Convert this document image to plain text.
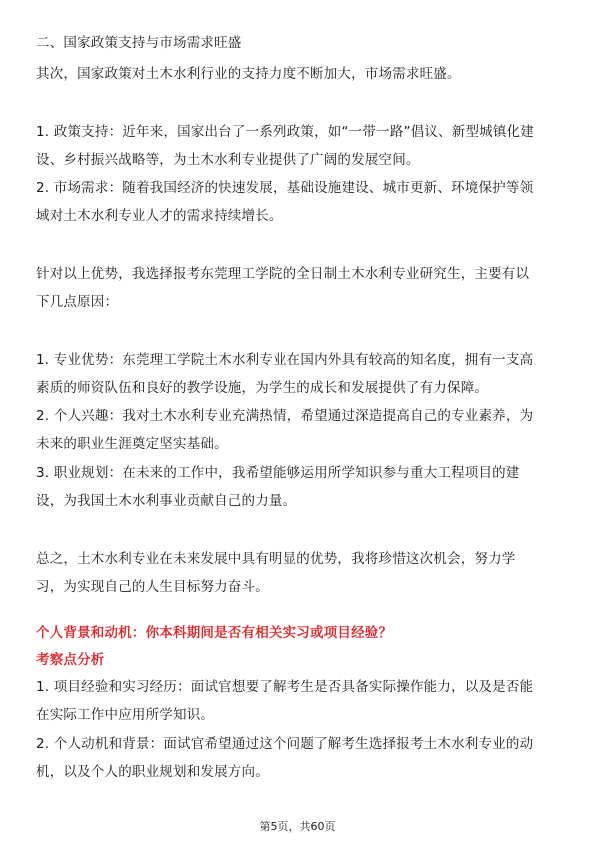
二、国家政策支持与市场需求旺盛
其次，国家政策对土木水利行业的支持力度不断加大，市场需求旺盛。
1. 政策支持：近年来，国家出台了一系列政策，如“一带一路”倡议、新型城镇化建
设、乡村振兴战略等，为土木水利专业提供了广阔的发展空间。
2. 市场需求：随着我国经济的快速发展，基础设施建设、城市更新、环境保护等领
域对土木水利专业人才的需求持续增长。
针对以上优势，我选择报考东莞理工学院的全日制土木水利专业研究生，主要有以
下几点原因：
1. 专业优势：东莞理工学院土木水利专业在国内外具有较高的知名度，拥有一支高
素质的师资队伍和良好的教学设施，为学生的成长和发展提供了有力保障。
2. 个人兴趣：我对土木水利专业充满热情，希望通过深造提高自己的专业素养，为
未来的职业生涯奠定坚实基础。
3. 职业规划：在未来的工作中，我希望能够运用所学知识参与重大工程项目的建
设，为我国土木水利事业贡献自己的力量。
总之，土木水利专业在未来发展中具有明显的优势，我将珍惜这次机会，努力学
习，为实现自己的人生目标努力奋斗。
个人背景和动机：你本科期间是否有相关实习或项目经验？
考察点分析
1. 项目经验和实习经历：面试官想要了解考生是否具备实际操作能力，以及是否能
在实际工作中应用所学知识。
2. 个人动机和背景：面试官希望通过这个问题了解考生选择报考土木水利专业的动
机，以及个人的职业规划和发展方向。
第5页，共60页
